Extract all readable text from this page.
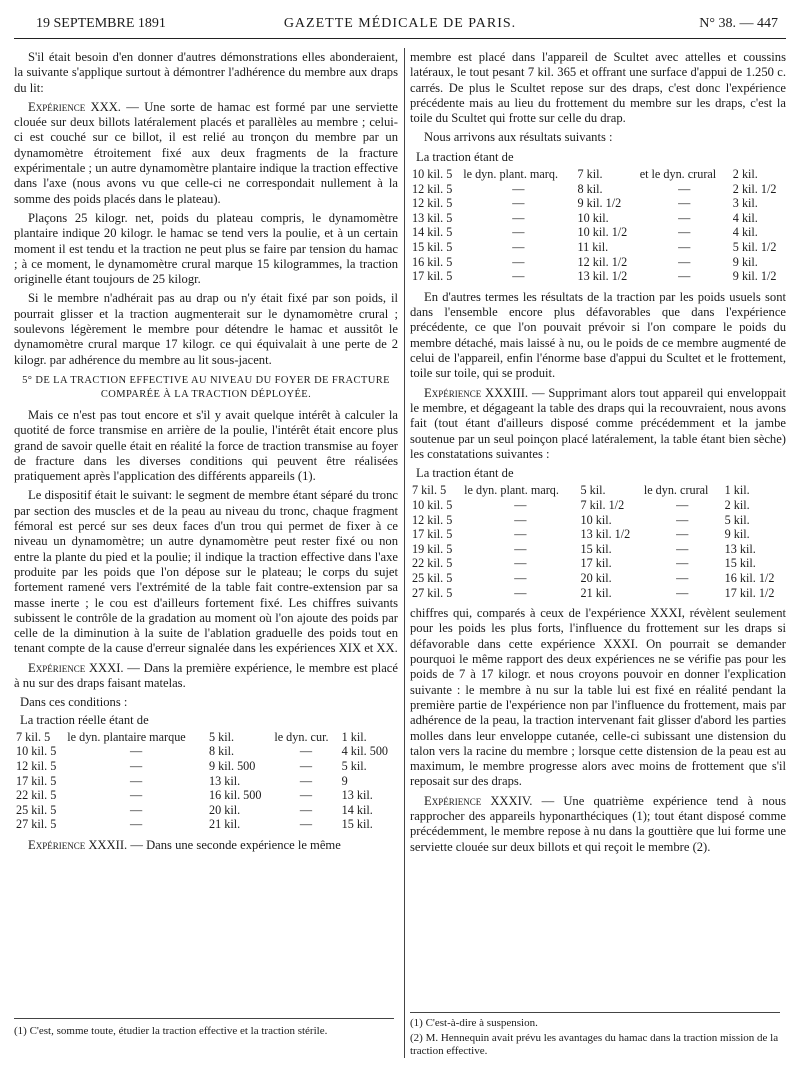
19 SEPTEMBRE 1891	GAZETTE MÉDICALE DE PARIS.	N° 38. — 447

S'il était besoin d'en donner d'autres démonstrations elles abonderaient, la suivante s'applique surtout à démontrer l'adhérence du membre aux draps du lit:

Expérience XXX. — Une sorte de hamac est formé par une serviette clouée sur deux billots latéralement placés et parallèles au membre ; celui-ci est couché sur ce billot, il est relié au tronçon du membre par un dynamomètre étroitement fixé aux deux fragments de la fracture expérimentale ; un autre dynamomètre plantaire indique la traction effective dans l'axe (nous avons vu que celle-ci ne correspondait nullement à la somme des poids placés dans le plateau).

Plaçons 25 kilogr. net, poids du plateau compris, le dynamomètre plantaire indique 20 kilogr. le hamac se tend vers la poulie, et à un certain moment il est tendu et la traction ne peut plus se faire par tension du hamac ; à ce moment, le dynamomètre crural marque 15 kilogrammes, la traction originelle étant toujours de 25 kilogr.

Si le membre n'adhérait pas au drap ou n'y était fixé par son poids, il pourrait glisser et la traction augmenterait sur le dynamomètre crural ; soulevons légèrement le membre pour détendre le hamac et aussitôt le dynamomètre crural marque 17 kilogr. ce qui équivalait à une perte de 2 kilogr. par adhérence du membre au lit sous-jacent.

5° DE LA TRACTION EFFECTIVE AU NIVEAU DU FOYER DE FRACTURE COMPARÉE À LA TRACTION DÉPLOYÉE.

Mais ce n'est pas tout encore et s'il y avait quelque intérêt à calculer la quotité de force transmise en arrière de la poulie, l'intérêt était encore plus grand de savoir quelle était en réalité la force de traction transmise au foyer de fracture dans les diverses conditions qui peuvent être réalisées pratiquement après l'application des différents appareils (1).

Le dispositif était le suivant: le segment de membre étant séparé du tronc par section des muscles et de la peau au niveau du tronc, chaque fragment fémoral est percé sur ses deux faces d'un trou qui permet de fixer à ce niveau un dynamomètre; un autre dynamomètre peut rester fixé ou non entre la plante du pied et la poulie; il indique la traction effective dans l'axe produite par les poids que l'on dépose sur le plateau; le corps du sujet fortement ramené vers l'extrémité de la table fait contre-extension par sa masse inerte ; le cou est d'ailleurs fortement fixé. Les chiffres suivants subissent le contrôle de la gradation au moment où l'on ajoute des poids par celle de la diminution à la suite de l'ablation graduelle des poids tout en tenant compte de la cause d'erreur signalée dans les expériences XIX et XX.

Expérience XXXI. — Dans la première expérience, le membre est placé à nu sur des draps faisant matelas.

Dans ces conditions :

La traction réelle étant de

7 kil. 5	le dyn. plantaire marque	5 kil.	le dyn. cur.	1 kil.
10 kil. 5	—	8 kil.	—	4 kil. 500
12 kil. 5	—	9 kil. 500	—	5 kil.
17 kil. 5	—	13 kil.	—	9
22 kil. 5	—	16 kil. 500	—	13 kil.
25 kil. 5	—	20 kil.	—	14 kil.
27 kil. 5	—	21 kil.	—	15 kil.

Expérience XXXII. — Dans une seconde expérience le même

membre est placé dans l'appareil de Scultet avec attelles et coussins latéraux, le tout pesant 7 kil. 365 et offrant une surface d'appui de 1.250 c. carrés. De plus le Scultet repose sur des draps, c'est donc l'expérience précédente mais au lieu du frottement du membre sur les draps, c'est la toile du Scultet qui frotte sur celle du drap.

Nous arrivons aux résultats suivants :

La traction étant de

10 kil. 5	le dyn. plant. marq.	7 kil.	et le dyn. crural	2 kil.
12 kil. 5	—	8 kil.	—	2 kil. 1/2
12 kil. 5	—	9 kil. 1/2	—	3 kil.
13 kil. 5	—	10 kil.	—	4 kil.
14 kil. 5	—	10 kil. 1/2	—	4 kil.
15 kil. 5	—	11 kil.	—	5 kil. 1/2
16 kil. 5	—	12 kil. 1/2	—	9 kil.
17 kil. 5	—	13 kil. 1/2	—	9 kil. 1/2

En d'autres termes les résultats de la traction par les poids usuels sont dans l'ensemble encore plus défavorables que dans l'expérience précédente, ce que l'on pouvait prévoir si l'on compare le poids du membre détaché, mais laissé à nu, ou le poids de ce membre augmenté de celui de l'appareil, enfin l'énorme base d'appui du Scultet et le frottement, toile sur toile, qui se produit.

Expérience XXXIII. — Supprimant alors tout appareil qui enveloppait le membre, et dégageant la table des draps qui la recouvraient, nous avons fait (tout étant d'ailleurs disposé comme précédemment et la jambe soutenue par un seul poinçon placé latéralement, la table étant bien sèche) les constatations suivantes :

La traction étant de

7 kil. 5	le dyn. plant. marq.	5 kil.	le dyn. crural	1 kil.
10 kil. 5	—	7 kil. 1/2	—	2 kil.
12 kil. 5	—	10 kil.	—	5 kil.
17 kil. 5	—	13 kil. 1/2	—	9 kil.
19 kil. 5	—	15 kil.	—	13 kil.
22 kil. 5	—	17 kil.	—	15 kil.
25 kil. 5	—	20 kil.	—	16 kil. 1/2
27 kil. 5	—	21 kil.	—	17 kil. 1/2

chiffres qui, comparés à ceux de l'expérience XXXI, révèlent seulement pour les poids les plus forts, l'influence du frottement sur les draps si défavorable dans cette expérience XXXI. On pourrait se demander pourquoi le même rapport des deux expériences ne se vérifie pas pour les poids de 7 à 17 kilogr. et nous croyons pouvoir en donner l'explication suivante : le membre à nu sur la table lui est fixé en réalité pendant la première partie de l'expérience non par l'influence du frottement, mais par adhérence de la peau, la traction intervenant fait glisser d'abord les parties molles dans leur enveloppe cutanée, celle-ci subissant une distension du talon vers la racine du membre ; lorsque cette distension de la peau est au maximum, le membre progresse alors avec moins de frottement que s'il reposait sur des draps.

Expérience XXXIV. — Une quatrième expérience tend à nous rapprocher des appareils hyponarthéciques (1); tout étant disposé comme précédemment, le membre repose à nu dans la gouttière que lui forme une serviette clouée sur deux billots et qui reçoit le membre (2).

(1) C'est, somme toute, étudier la traction effective et la traction stérile.
(1) C'est-à-dire à suspension.
(2) M. Hennequin avait prévu les avantages du hamac dans la traction mission de la traction effective.
